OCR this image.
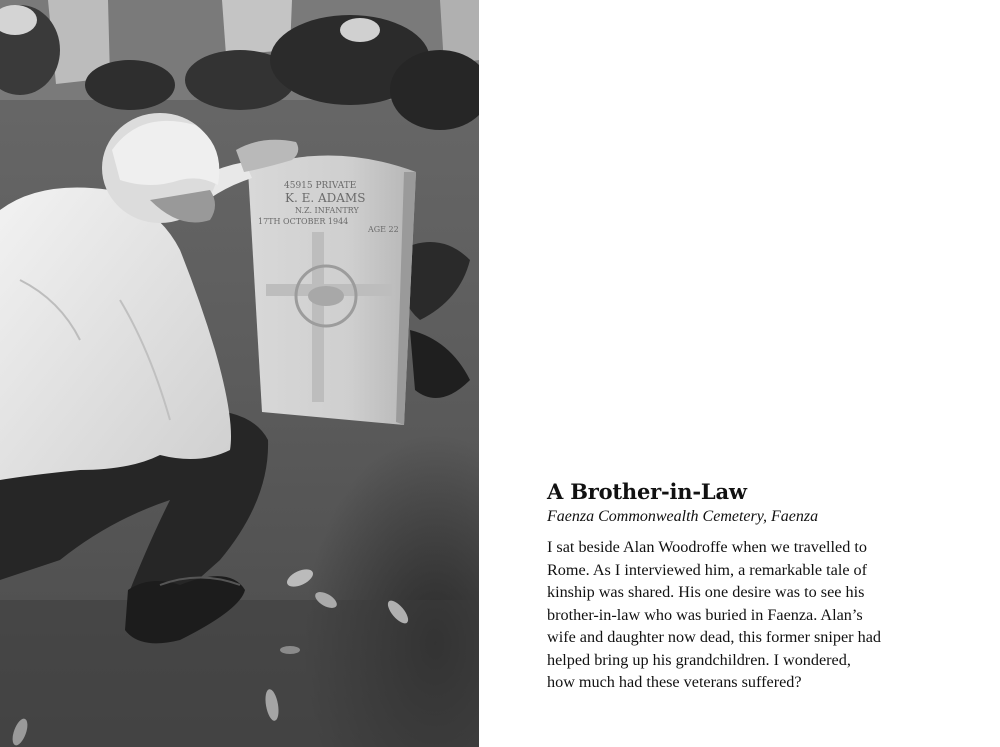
45915 PRIVATE
K. E. ADAMS
N.Z. INFANTRY
17TH OCTOBER 1944
AGE 22
A Brother-in-Law

Faenza Commonwealth Cemetery, Faenza

I sat beside Alan Woodroffe when we travelled to

Rome. As I interviewed him, a remarkable tale of

kinship was shared. His one desire was to see his

brother-in-law who was buried in Faenza. Alan’s

wife and daughter now dead, this former sniper had

helped bring up his grandchildren. I wondered,

how much had these veterans suffered?
